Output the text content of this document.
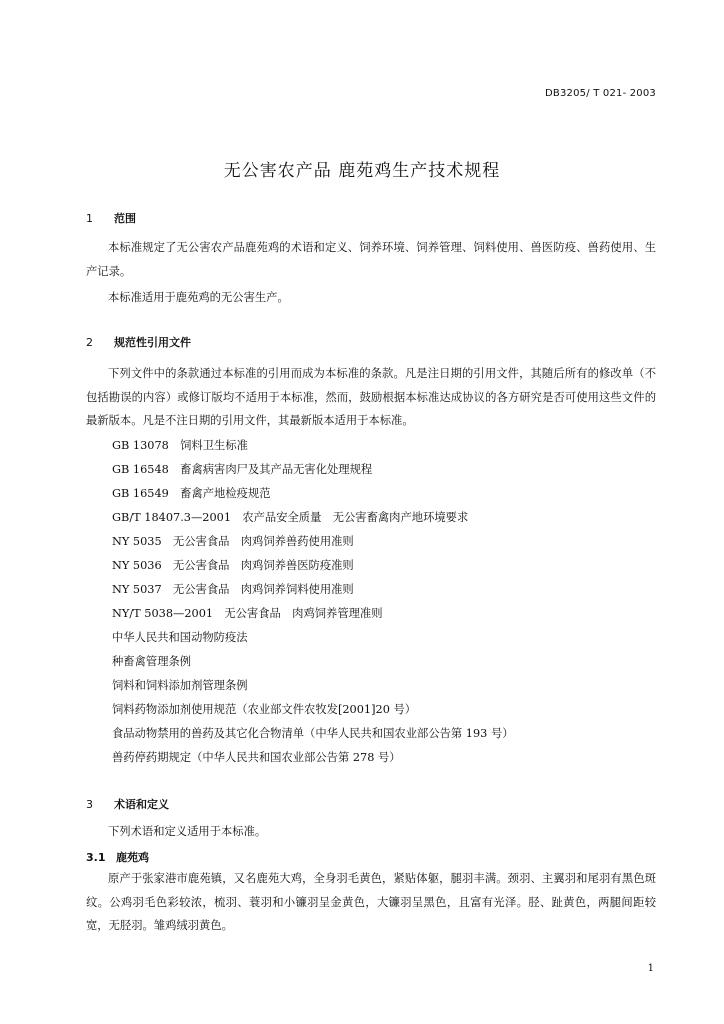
DB3205/ T 021- 2003
无公害农产品 鹿苑鸡生产技术规程
1 范围
本标准规定了无公害农产品鹿苑鸡的术语和定义、饲养环境、饲养管理、饲料使用、兽医防疫、兽药使用、生产记录。
本标准适用于鹿苑鸡的无公害生产。
2 规范性引用文件
下列文件中的条款通过本标准的引用而成为本标准的条款。凡是注日期的引用文件，其随后所有的修改单（不包括勘误的内容）或修订版均不适用于本标准，然而，鼓励根据本标准达成协议的各方研究是否可使用这些文件的最新版本。凡是不注日期的引用文件，其最新版本适用于本标准。
GB 13078　饲料卫生标准
GB 16548　畜禽病害肉尸及其产品无害化处理规程
GB 16549　畜禽产地检疫规范
GB/T 18407.3—2001　农产品安全质量　无公害畜禽肉产地环境要求
NY 5035　无公害食品　肉鸡饲养兽药使用准则
NY 5036　无公害食品　肉鸡饲养兽医防疫准则
NY 5037　无公害食品　肉鸡饲养饲料使用准则
NY/T 5038—2001　无公害食品　肉鸡饲养管理准则
中华人民共和国动物防疫法
种畜禽管理条例
饲料和饲料添加剂管理条例
饲料药物添加剂使用规范（农业部文件农牧发[2001]20 号）
食品动物禁用的兽药及其它化合物清单（中华人民共和国农业部公告第 193 号）
兽药停药期规定（中华人民共和国农业部公告第 278 号）
3 术语和定义
下列术语和定义适用于本标准。
3.1 鹿苑鸡
原产于张家港市鹿苑镇，又名鹿苑大鸡，全身羽毛黄色，紧贴体躯，腿羽丰满。颈羽、主翼羽和尾羽有黑色斑纹。公鸡羽毛色彩较浓，梳羽、蓑羽和小镰羽呈金黄色，大镰羽呈黑色，且富有光泽。胫、趾黄色，两腿间距较宽，无胫羽。雏鸡绒羽黄色。
1
